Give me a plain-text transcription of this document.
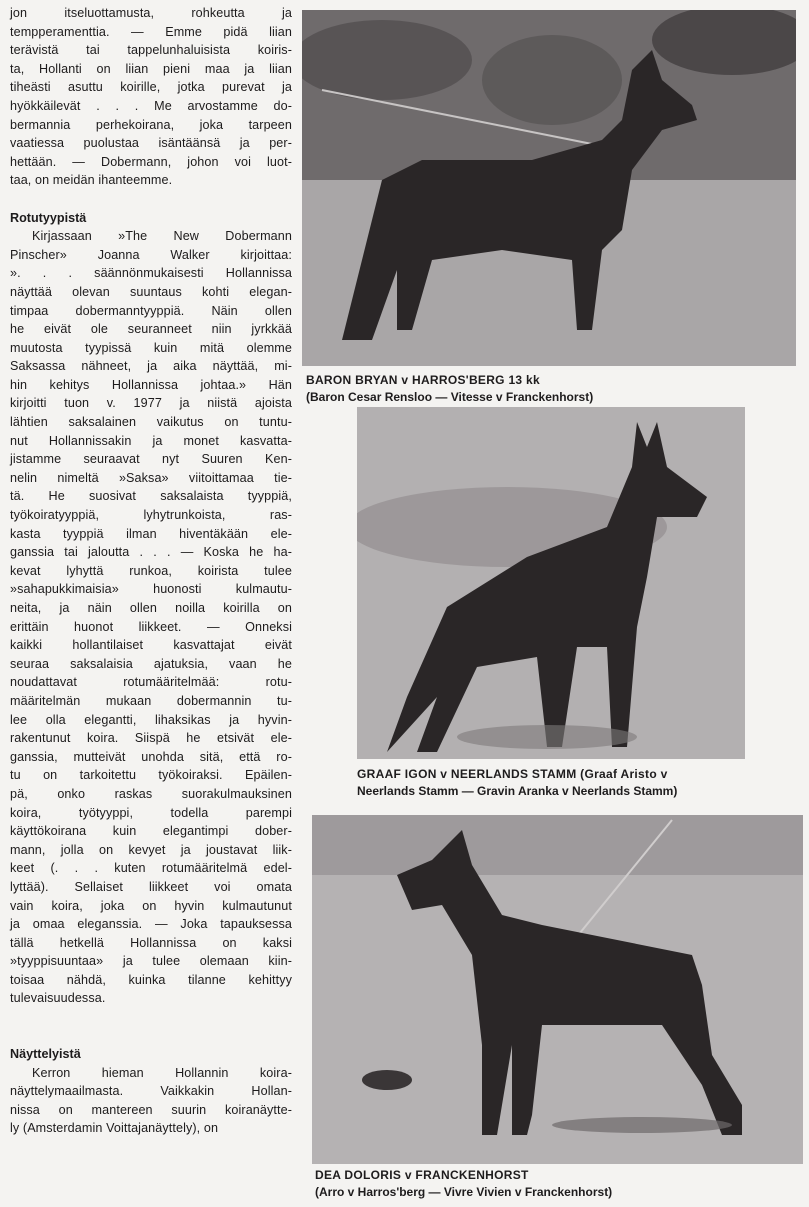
jon itseluottamusta, rohkeutta ja
tempperamenttia. — Emme pidä liian
terävistä tai tappelunhaluisista koiris-
ta, Hollanti on liian pieni maa ja liian
tiheästi asuttu koirille, jotka purevat ja
hyökkäilevät . . . Me arvostamme do-
bermannia perhekoirana, joka tarpeen
vaatiessa puolustaa isäntäänsä ja per-
hettään. — Dobermann, johon voi luot-
taa, on meidän ihanteemme.
Rotutyypistä
Kirjassaan »The New Dobermann
Pinscher» Joanna Walker kirjoittaa:
». . . säännönmukaisesti Hollannissa
näyttää olevan suuntaus kohti elegan-
timpaa dobermanntyyppiä. Näin ollen
he eivät ole seuranneet niin jyrkkää
muutosta tyypissä kuin mitä olemme
Saksassa nähneet, ja aika näyttää, mi-
hin kehitys Hollannissa johtaa.» Hän
kirjoitti tuon v. 1977 ja niistä ajoista
lähtien saksalainen vaikutus on tuntu-
nut Hollannissakin ja monet kasvatta-
jistamme seuraavat nyt Suuren Ken-
nelin nimeltä »Saksa» viitoittamaa tie-
tä. He suosivat saksalaista tyyppiä,
työkoiratyyppiä, lyhytrunkoista, ras-
kasta tyyppiä ilman hiventäkään ele-
ganssia tai jaloutta . . . — Koska he ha-
kevat lyhyttä runkoa, koirista tulee
»sahapukkimaisia» huonosti kulmautu-
neita, ja näin ollen noilla koirilla on
erittäin huonot liikkeet. — Onneksi
kaikki hollantilaiset kasvattajat eivät
seuraa saksalaisia ajatuksia, vaan he
noudattavat rotumääritelmää: rotu-
määritelmän mukaan dobermannin tu-
lee olla elegantti, lihaksikas ja hyvin-
rakentunut koira. Siispä he etsivät ele-
ganssia, mutteivät unohda sitä, että ro-
tu on tarkoitettu työkoiraksi. Epäilen-
pä, onko raskas suorakulmauksinen
koira, työtyyppi, todella parempi
käyttökoirana kuin elegantimpi dober-
mann, jolla on kevyet ja joustavat liik-
keet (. . . kuten rotumääritelmä edel-
lyttää). Sellaiset liikkeet voi omata
vain koira, joka on hyvin kulmautunut
ja omaa eleganssia. — Joka tapauksessa
tällä hetkellä Hollannissa on kaksi
»tyyppisuuntaa» ja tulee olemaan kiin-
toisaa nähdä, kuinka tilanne kehittyy
tulevaisuudessa.
Näyttelyistä
Kerron hieman Hollannin koira-
näyttelymaailmasta. Vaikkakin Hollan-
nissa on mantereen suurin koiranäytte-
ly (Amsterdamin Voittajanäyttely), on
BARON BRYAN v HARROS'BERG 13 kk
(Baron Cesar Rensloo — Vitesse v Franckenhorst)
GRAAF IGON v NEERLANDS STAMM (Graaf Aristo v
Neerlands Stamm — Gravin Aranka v Neerlands Stamm)
DEA DOLORIS v FRANCKENHORST
(Arro v Harros'berg — Vivre Vivien v Franckenhorst)
